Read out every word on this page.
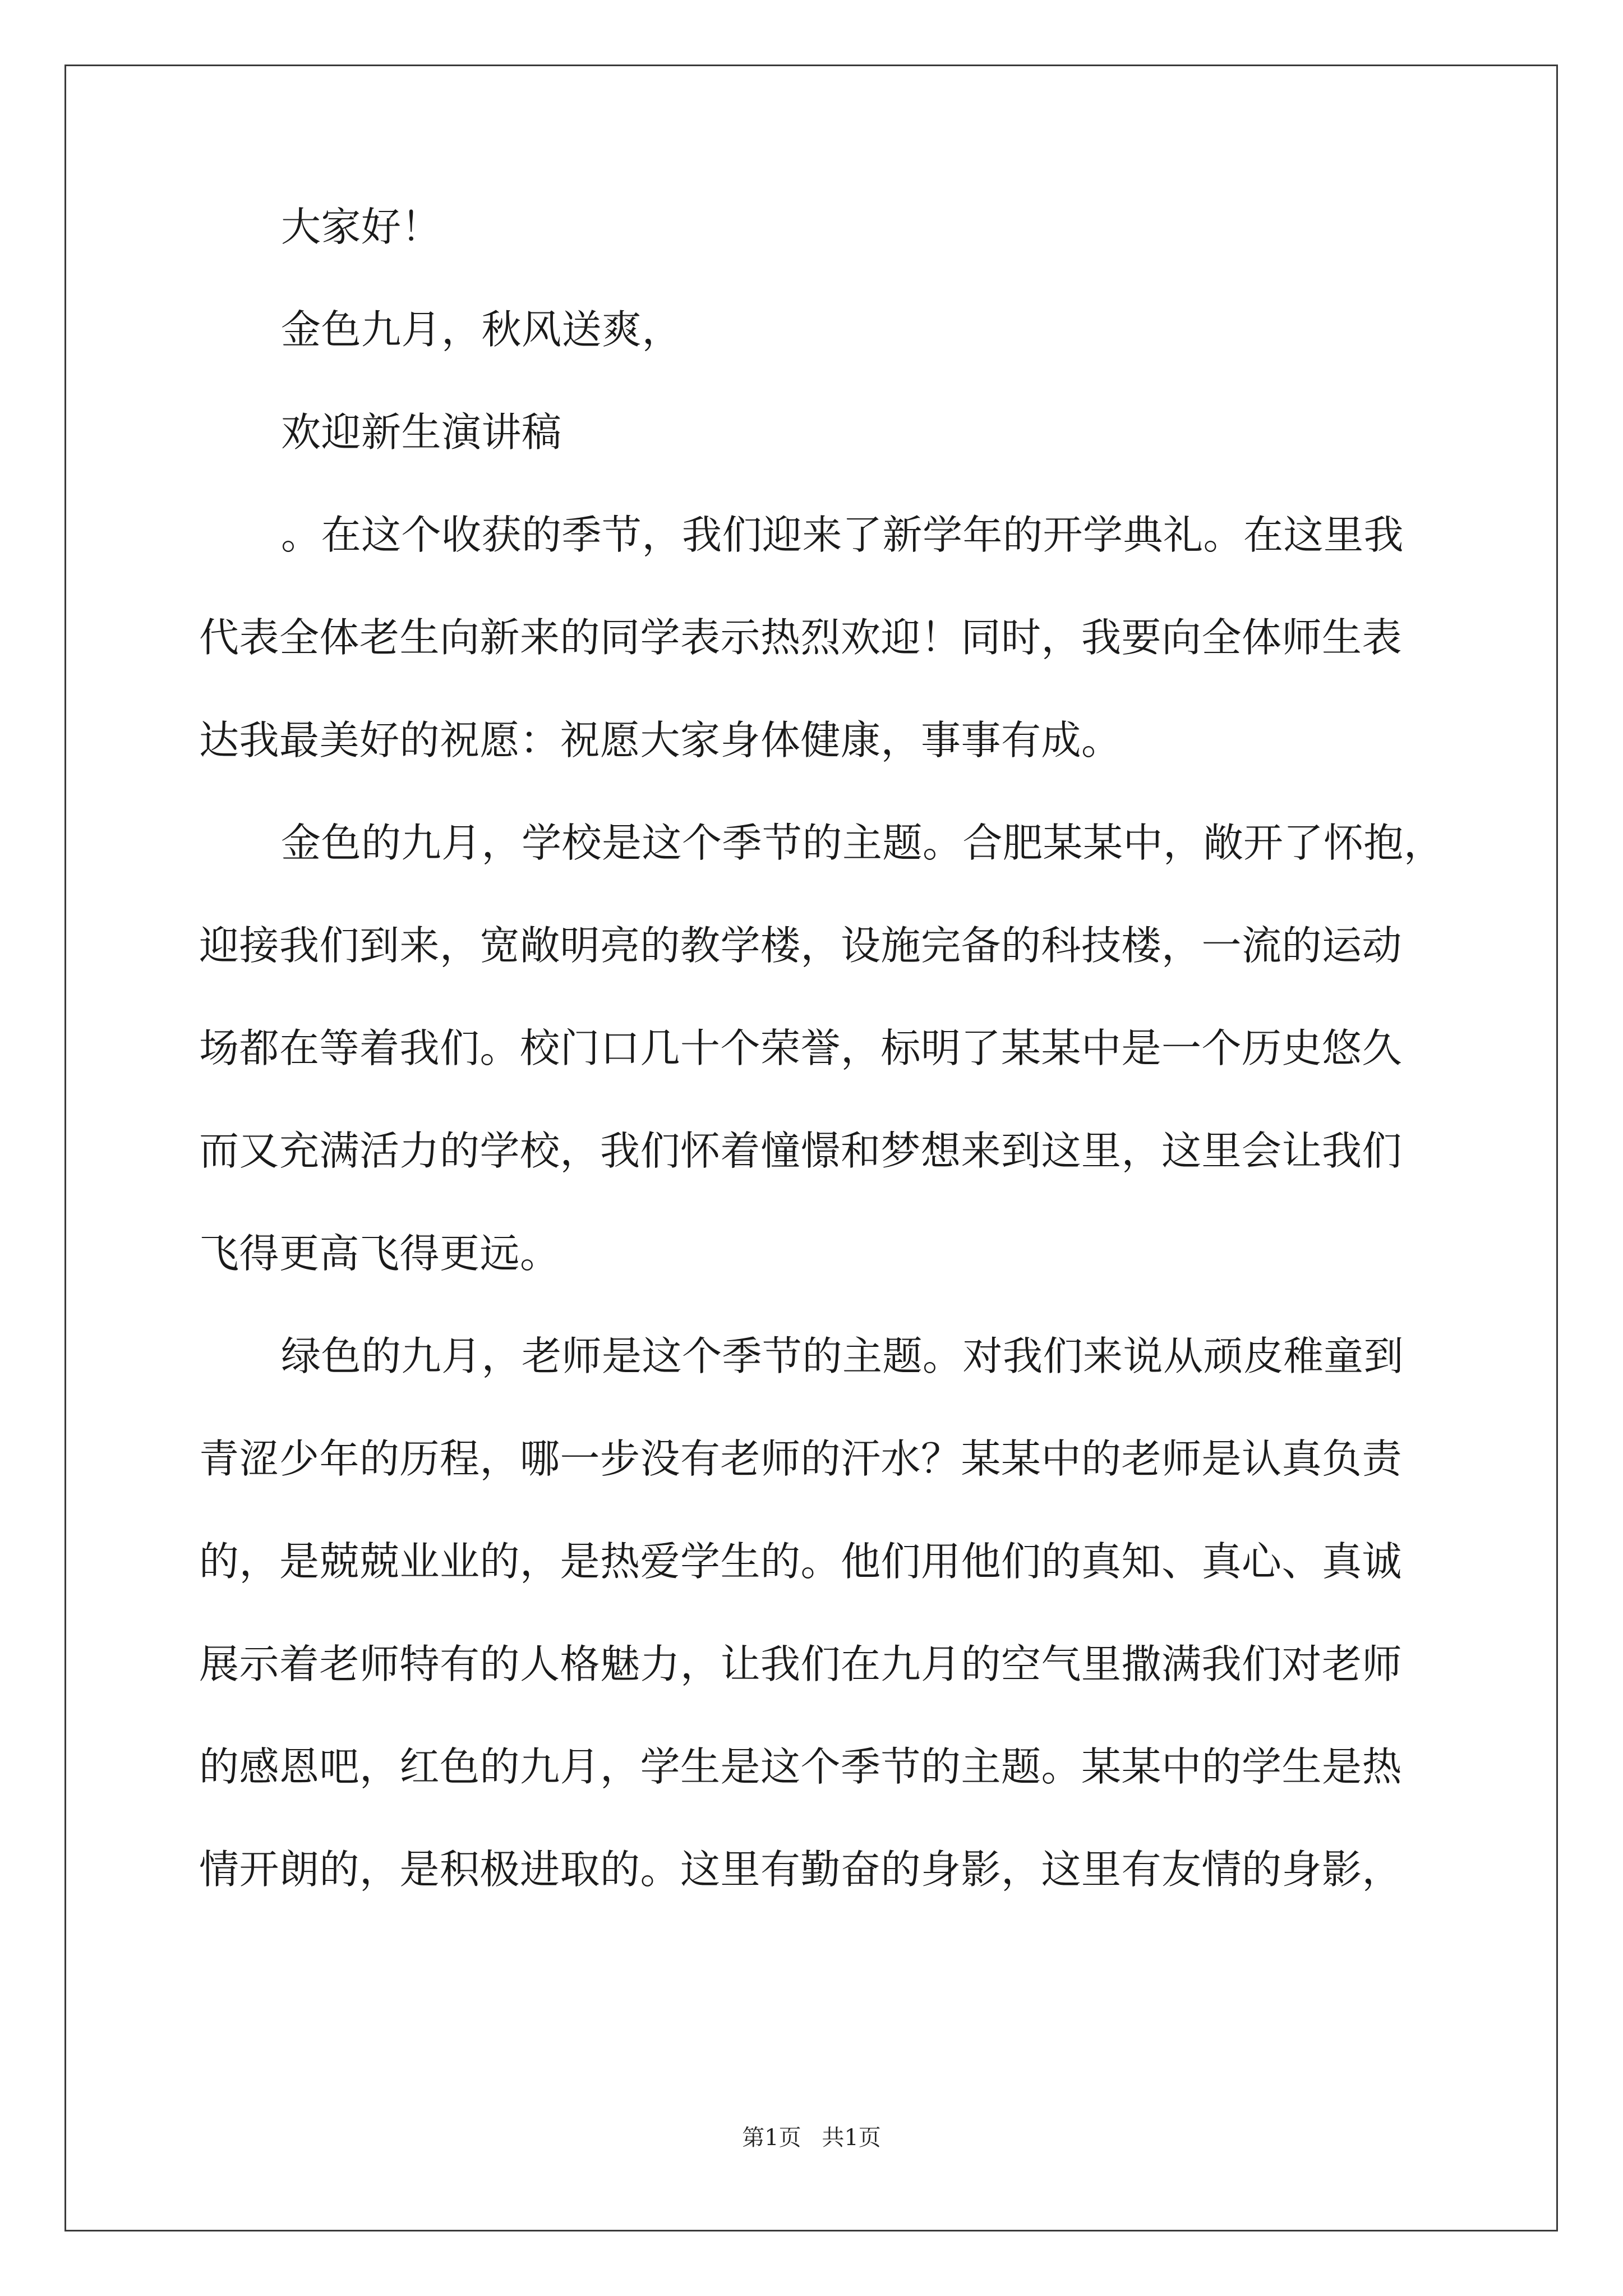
大家好！
金色九月，秋风送爽，
欢迎新生演讲稿
。在这个收获的季节，我们迎来了新学年的开学典礼。在这里我
代表全体老生向新来的同学表示热烈欢迎！同时，我要向全体师生表
达我最美好的祝愿：祝愿大家身体健康，事事有成。
金色的九月，学校是这个季节的主题。合肥某某中，敞开了怀抱，
迎接我们到来，宽敞明亮的教学楼，设施完备的科技楼，一流的运动
场都在等着我们。校门口几十个荣誉，标明了某某中是一个历史悠久
而又充满活力的学校，我们怀着憧憬和梦想来到这里，这里会让我们
飞得更高飞得更远。
绿色的九月，老师是这个季节的主题。对我们来说从顽皮稚童到
青涩少年的历程，哪一步没有老师的汗水？某某中的老师是认真负责
的，是兢兢业业的，是热爱学生的。他们用他们的真知、真心、真诚
展示着老师特有的人格魅力，让我们在九月的空气里撒满我们对老师
的感恩吧，红色的九月，学生是这个季节的主题。某某中的学生是热
情开朗的，是积极进取的。这里有勤奋的身影，这里有友情的身影，
第1页 共1页
